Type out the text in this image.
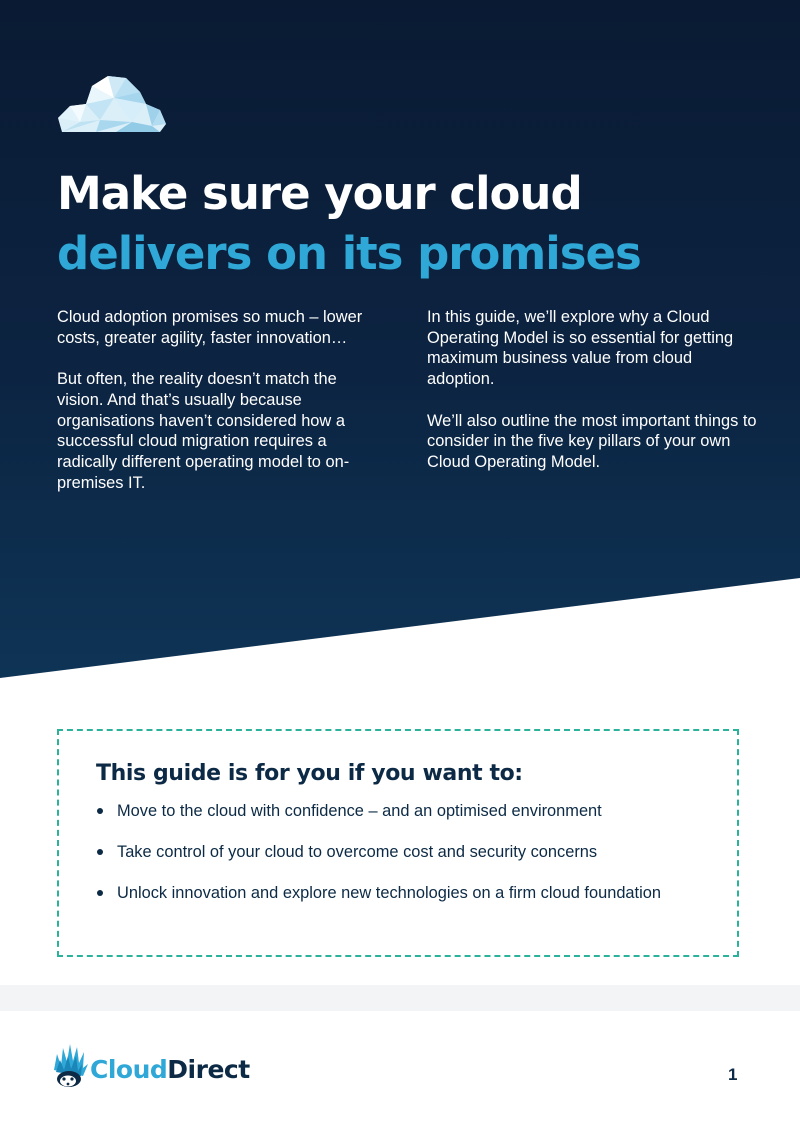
Make sure your cloud
delivers on its promises

Cloud adoption promises so much – lower costs, greater agility, faster innovation…

But often, the reality doesn’t match the vision. And that’s usually because organisations haven’t considered how a successful cloud migration requires a radically different operating model to on-premises IT.

In this guide, we’ll explore why a Cloud Operating Model is so essential for getting maximum business value from cloud adoption.

We’ll also outline the most important things to consider in the five key pillars of your own Cloud Operating Model.

This guide is for you if you want to:
Move to the cloud with confidence – and an optimised environment
Take control of your cloud to overcome cost and security concerns
Unlock innovation and explore new technologies on a firm cloud foundation
CloudDirect	1
